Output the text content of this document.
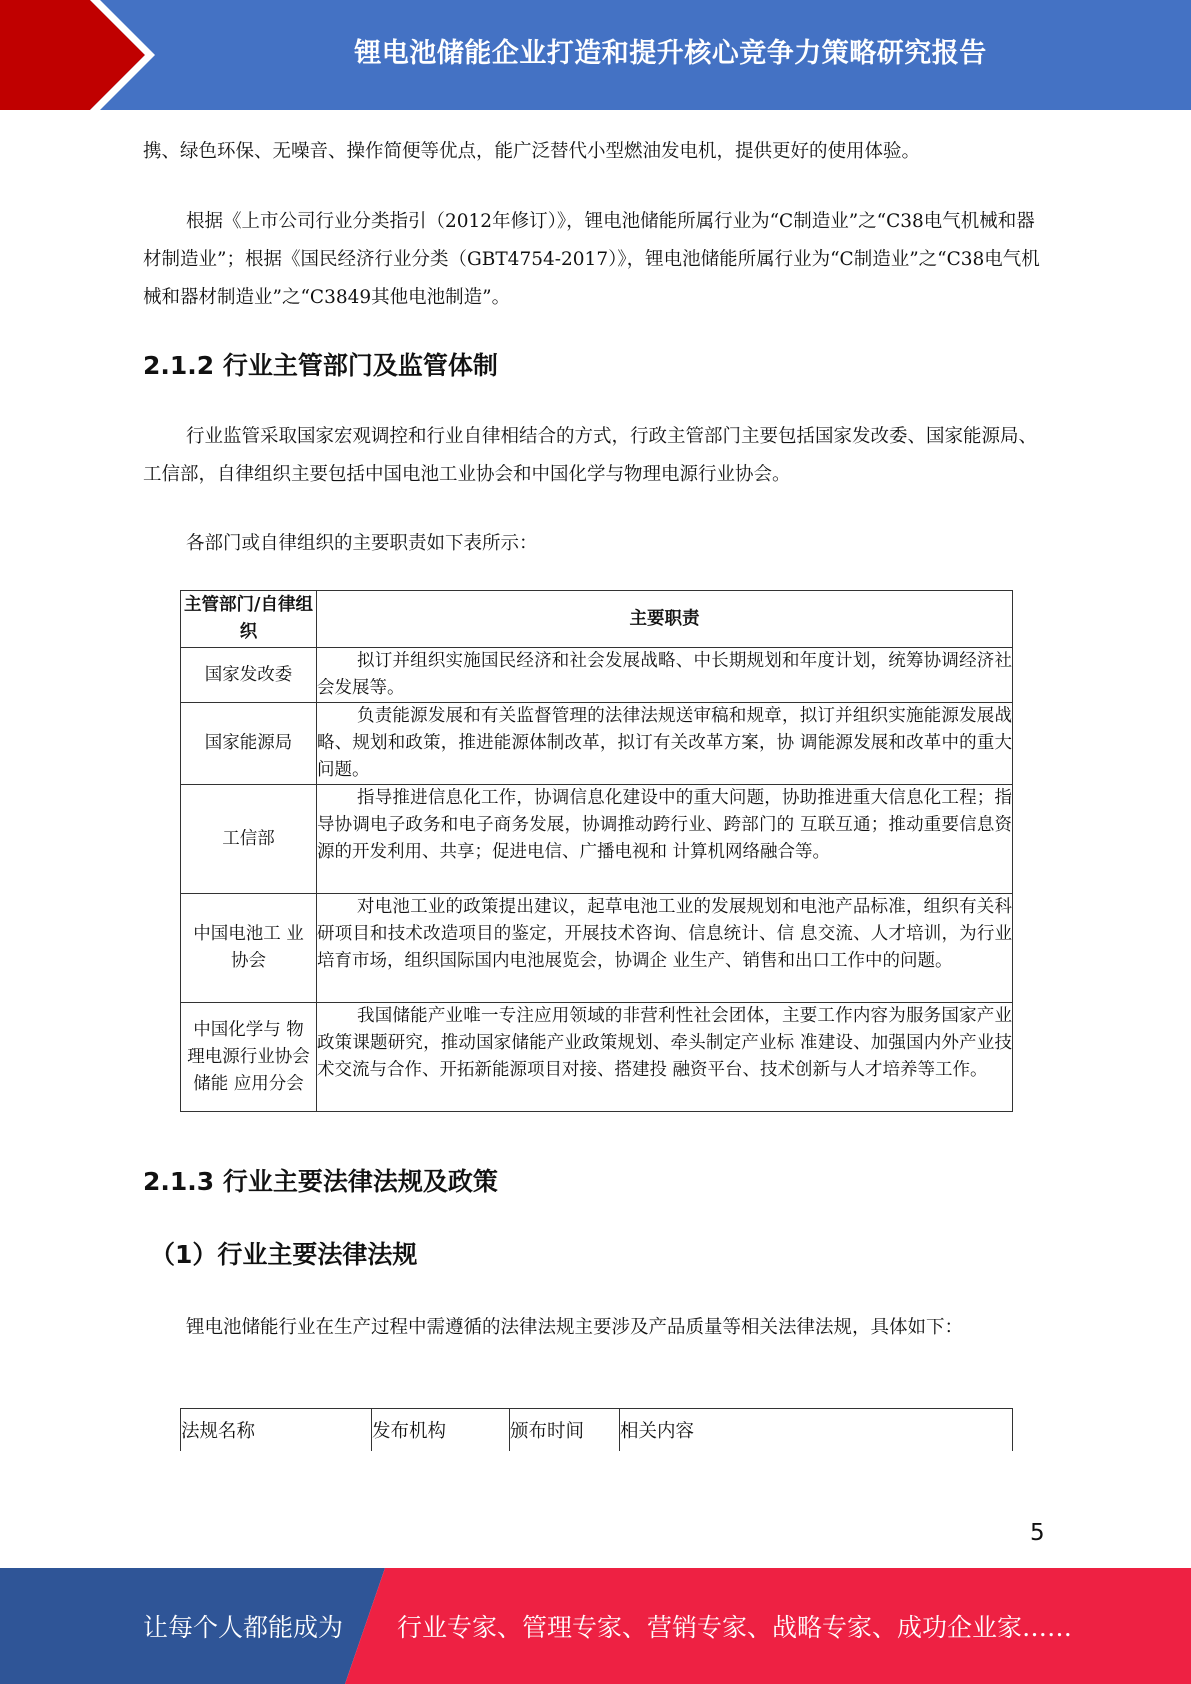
锂电池储能企业打造和提升核心竞争力策略研究报告

携、绿色环保、无噪音、操作简便等优点，能广泛替代小型燃油发电机，提供更好的使用体验。

根据《上市公司行业分类指引（2012年修订）》，锂电池储能所属行业为“C制造业”之“C38电气机械和器材制造业”；根据《国民经济行业分类（GBT4754-2017）》，锂电池储能所属行业为“C制造业”之“C38电气机械和器材制造业”之“C3849其他电池制造”。

2.1.2 行业主管部门及监管体制

行业监管采取国家宏观调控和行业自律相结合的方式，行政主管部门主要包括国家发改委、国家能源局、工信部，自律组织主要包括中国电池工业协会和中国化学与物理电源行业协会。

各部门或自律组织的主要职责如下表所示：

主管部门/自律组织	主要职责
国家发改委	拟订并组织实施国民经济和社会发展战略、中长期规划和年度计划，统筹协调经济社会发展等。
国家能源局	负责能源发展和有关监督管理的法律法规送审稿和规章，拟订并组织实施能源发展战略、规划和政策，推进能源体制改革，拟订有关改革方案，协 调能源发展和改革中的重大问题。
工信部	指导推进信息化工作，协调信息化建设中的重大问题，协助推进重大信息化工程；指导协调电子政务和电子商务发展，协调推动跨行业、跨部门的 互联互通；推动重要信息资源的开发利用、共享；促进电信、广播电视和 计算机网络融合等。
中国电池工 业协会	对电池工业的政策提出建议，起草电池工业的发展规划和电池产品标准，组织有关科研项目和技术改造项目的鉴定，开展技术咨询、信息统计、信 息交流、人才培训，为行业培育市场，组织国际国内电池展览会，协调企 业生产、销售和出口工作中的问题。
中国化学与 物理电源行业协会储能 应用分会	我国储能产业唯一专注应用领域的非营利性社会团体，主要工作内容为服务国家产业政策课题研究，推动国家储能产业政策规划、牵头制定产业标 准建设、加强国内外产业技术交流与合作、开拓新能源项目对接、搭建投 融资平台、技术创新与人才培养等工作。
2.1.3 行业主要法律法规及政策
（1）行业主要法律法规

锂电池储能行业在生产过程中需遵循的法律法规主要涉及产品质量等相关法律法规，具体如下：

法规名称	发布机构	颁布时间	相关内容
5
让每个人都能成为 行业专家、管理专家、营销专家、战略专家、成功企业家……
